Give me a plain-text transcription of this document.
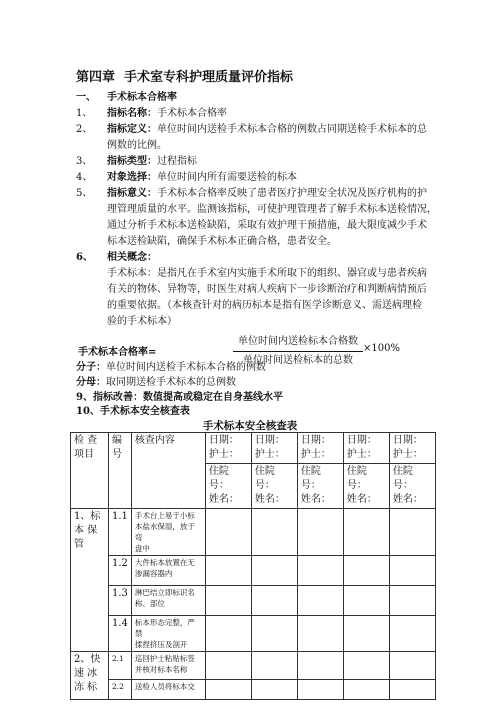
第四章 手术室专科护理质量评价指标
一、 手术标本合格率
1、 指标名称：手术标本合格率
2、 指标定义：单位时间内送检手术标本合格的例数占同期送检手术标本的总
例数的比例。
3、 指标类型：过程指标
4、 对象选择：单位时间内所有需要送检的标本
5、 指标意义：手术标本合格率反映了患者医疗护理安全状况及医疗机构的护
理管理质量的水平。监测该指标，可使护理管理者了解手术标本送检情况，
通过分析手术标本送检缺陷，采取有效护理干预措施，最大限度减少手术
标本送检缺陷，确保手术标本正确合格，患者安全。
6、 相关概念：
手术标本：是指凡在手术室内实施手术所取下的组织、器官或与患者疾病
有关的物体、异物等，时医生对病人疾病下一步诊断治疗和判断病情预后
的重要依据。（本核查针对的病历标本是指有医学诊断意义、需送病理检
验的手术标本）
手术标本合格率=
单位时间内送检标本合格数
单位时间送检标本的总数
×100%
分子：单位时间内送检手术标本合格的例数
分母：取同期送检手术标本的总例数
9、指标改善：数值提高或稳定在自身基线水平
10、手术标本安全核查表
手术标本安全核查表
检 查
项目	编
号	核查内容	日期：
护士：	日期：
护士：	日期：
护士：	日期：
护士：	日期：
护士：
			住院号：
姓名：	住院号：
姓名：	住院号：
姓名：	住院号：
姓名：	住院号：
姓名：
1、标
本 保
管	1.1	手术台上易于小标
本盐水保湿，放于弯
盘中					
	1.2	大件标本放置在无
渗漏容器内					
	1.3	淋巴结立即标识名
称、部位					
	1.4	标本形态完整，严禁
揉捏挤压及剖开					
2、快
速 冰
冻 标	2.1	巡回护士粘贴标签
并核对标本名称					
	2.2	送检人员将标本交					
